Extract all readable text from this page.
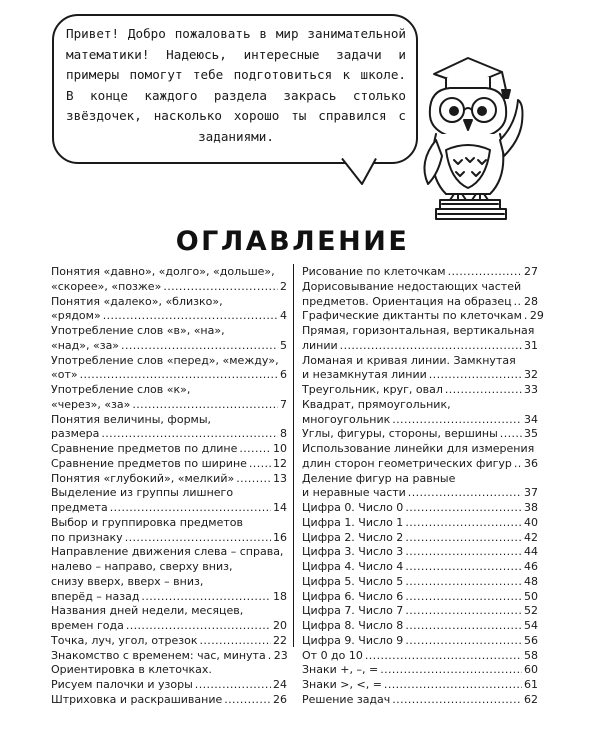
Привет! Добро пожаловать в мир занимательной математики! Надеюсь, интересные задачи и примеры помогут тебе подготовиться к школе. В конце каждого раздела закрась столько звёздочек, насколько хорошо ты справился с заданиями.
ОГЛАВЛЕНИЕ
Понятия «давно», «долго», «дольше»,
«скорее», «позже» .....	2
Понятия «далеко», «близко»,
«рядом» .....	4
Употребление слов «в», «на»,
«над», «за» .....	5
Употребление слов «перед», «между»,
«от» .....	6
Употребление слов «к»,
«через», «за» .....	7
Понятия величины, формы,
размера .....	8
Сравнение предметов по длине .....	10
Сравнение предметов по ширине ..... 12
Понятия «глубокий», «мелкий» .....	13
Выделение из группы лишнего
предмета .....	14
Выбор и группировка предметов
по признаку .....	16
Направление движения слева – справа,
налево – направо, сверху вниз,
снизу вверх, вверх – вниз,
вперёд – назад .....	18
Названия дней недели, месяцев,
времен года .....	20
Точка, луч, угол, отрезок .....	22
Знакомство с временем: час, минута ..... 23
Ориентировка в клеточках.
Рисуем палочки и узоры .....	24
Штриховка и раскрашивание .....	26
Рисование по клеточкам .....	27
Дорисовывание недостающих частей
предметов. Ориентация на образец ..... 28
Графические диктанты по клеточкам ..... 29
Прямая, горизонтальная, вертикальная
линии .....	31
Ломаная и кривая линии. Замкнутая
и незамкнутая линии .....	32
Треугольник, круг, овал .....	33
Квадрат, прямоугольник,
многоугольник .....	34
Углы, фигуры, стороны, вершины ..... 35
Использование линейки для измерения
длин сторон геометрических фигур ..... 36
Деление фигур на равные
и неравные части .....	37
Цифра 0. Число 0 .....	38
Цифра 1. Число 1 .....	40
Цифра 2. Число 2 .....	42
Цифра 3. Число 3 .....	44
Цифра 4. Число 4 .....	46
Цифра 5. Число 5 .....	48
Цифра 6. Число 6 .....	50
Цифра 7. Число 7 .....	52
Цифра 8. Число 8 .....	54
Цифра 9. Число 9 .....	56
От 0 до 10 .....	58
Знаки +, –, = .....	60
Знаки >, <, = .....	61
Решение задач .....	62
